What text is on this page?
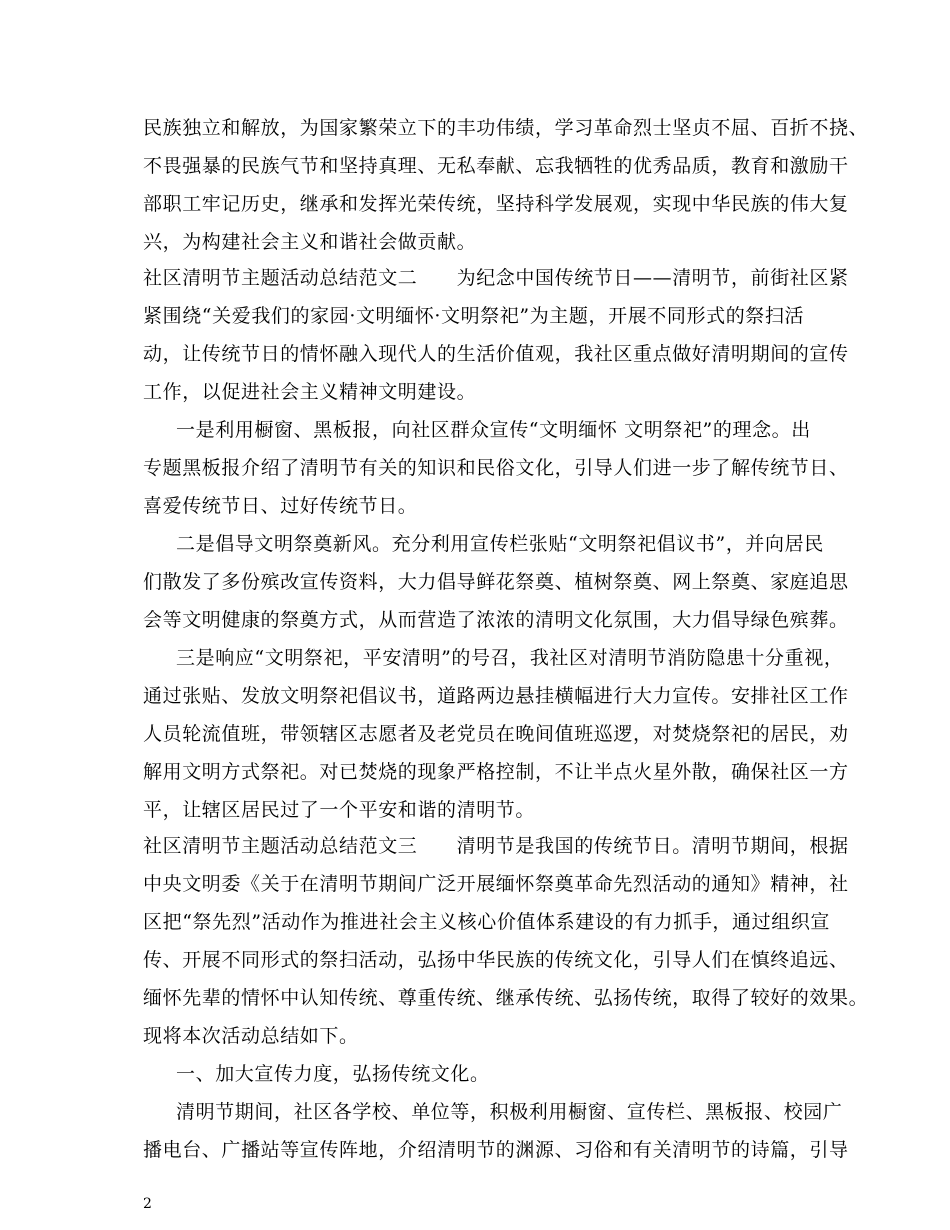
民族独立和解放，为国家繁荣立下的丰功伟绩，学习革命烈士坚贞不屈、百折不挠、
不畏强暴的民族气节和坚持真理、无私奉献、忘我牺牲的优秀品质，教育和激励干
部职工牢记历史，继承和发挥光荣传统，坚持科学发展观，实现中华民族的伟大复
兴，为构建社会主义和谐社会做贡献。
社区清明节主题活动总结范文二　　为纪念中国传统节日——清明节，前街社区紧
紧围绕“关爱我们的家园·文明缅怀·文明祭祀”为主题，开展不同形式的祭扫活
动，让传统节日的情怀融入现代人的生活价值观，我社区重点做好清明期间的宣传
工作，以促进社会主义精神文明建设。
一是利用橱窗、黑板报，向社区群众宣传“文明缅怀 文明祭祀”的理念。出
专题黑板报介绍了清明节有关的知识和民俗文化，引导人们进一步了解传统节日、
喜爱传统节日、过好传统节日。
二是倡导文明祭奠新风。充分利用宣传栏张贴“文明祭祀倡议书”，并向居民
们散发了多份殡改宣传资料，大力倡导鲜花祭奠、植树祭奠、网上祭奠、家庭追思
会等文明健康的祭奠方式，从而营造了浓浓的清明文化氛围，大力倡导绿色殡葬。
三是响应“文明祭祀，平安清明”的号召，我社区对清明节消防隐患十分重视，
通过张贴、发放文明祭祀倡议书，道路两边悬挂横幅进行大力宣传。安排社区工作
人员轮流值班，带领辖区志愿者及老党员在晚间值班巡逻，对焚烧祭祀的居民，劝
解用文明方式祭祀。对已焚烧的现象严格控制，不让半点火星外散，确保社区一方
平，让辖区居民过了一个平安和谐的清明节。
社区清明节主题活动总结范文三　　清明节是我国的传统节日。清明节期间，根据
中央文明委《关于在清明节期间广泛开展缅怀祭奠革命先烈活动的通知》精神，社
区把“祭先烈”活动作为推进社会主义核心价值体系建设的有力抓手，通过组织宣
传、开展不同形式的祭扫活动，弘扬中华民族的传统文化，引导人们在慎终追远、
缅怀先辈的情怀中认知传统、尊重传统、继承传统、弘扬传统，取得了较好的效果。
现将本次活动总结如下。
一、加大宣传力度，弘扬传统文化。
清明节期间，社区各学校、单位等，积极利用橱窗、宣传栏、黑板报、校园广
播电台、广播站等宣传阵地，介绍清明节的渊源、习俗和有关清明节的诗篇，引导
2
